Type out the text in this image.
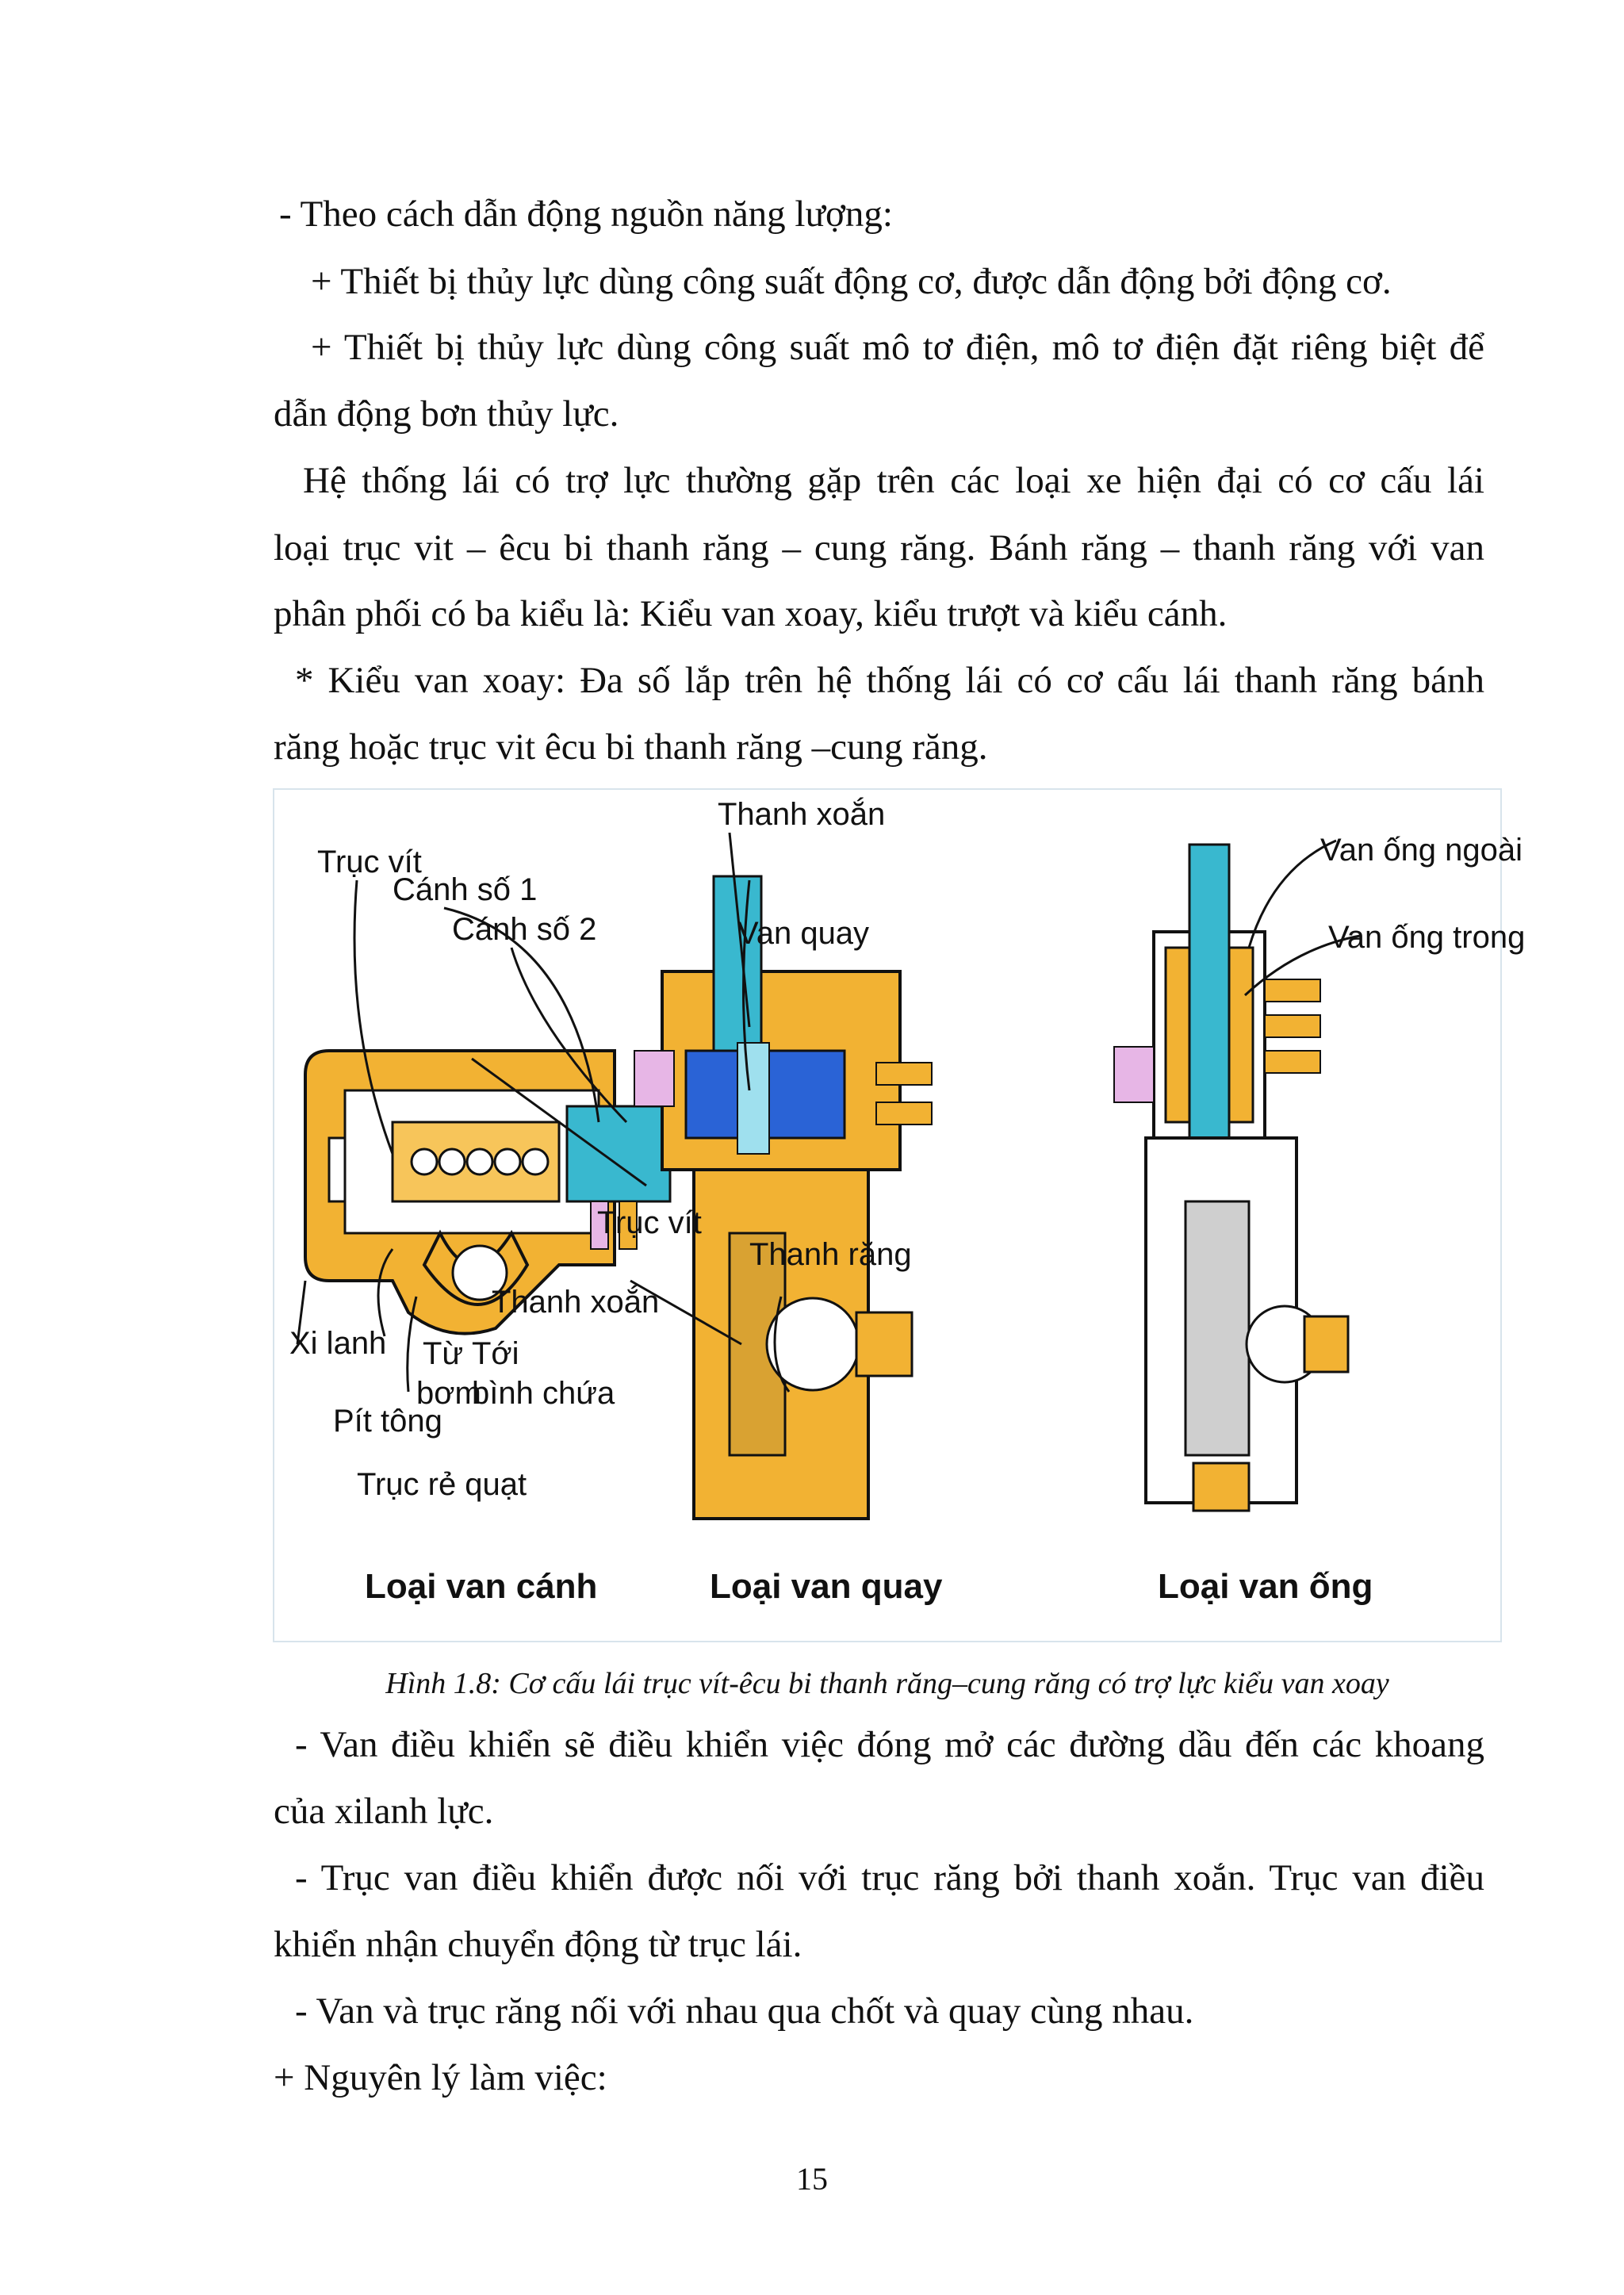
- Theo cách dẫn động nguồn năng lượng:
+ Thiết bị thủy lực dùng công suất động cơ, được dẫn động bởi động cơ.
+ Thiết bị thủy lực dùng công suất mô tơ điện, mô tơ điện đặt riêng biệt để
dẫn động bơn thủy lực.
Hệ thống lái có trợ lực thường gặp trên các loại xe hiện đại có cơ cấu lái
loại trục vit – êcu bi thanh răng – cung răng. Bánh răng – thanh răng với van
phân phối có ba kiểu là: Kiểu van xoay, kiểu trượt và kiểu cánh.
* Kiểu van xoay: Đa số lắp trên hệ thống lái có cơ cấu lái thanh răng bánh
răng hoặc trục vit êcu bi thanh răng –cung răng.
Trục vít
Cánh số 1
Cánh số 2
Thanh xoắn
Xi lanh Từ
bơm
Tới
bình chứa
Pít tông
Trục rẻ quạt
Loại van cánh
Thanh xoắn
Van quay
Trục vít
Thanh răng
Loại van quay
Van ống ngoài
Van ống trong
Loại van ống
Hình 1.8: Cơ cấu lái trục vít-êcu bi thanh răng–cung răng có trợ lực kiểu van xoay
- Van điều khiển sẽ điều khiển việc đóng mở các đường dầu đến các khoang
của xilanh lực.
- Trục van điều khiển được nối với trục răng bởi thanh xoắn. Trục van điều
khiển nhận chuyển động từ trục lái.
- Van và trục răng nối với nhau qua chốt và quay cùng nhau.
+ Nguyên lý làm việc:
15
